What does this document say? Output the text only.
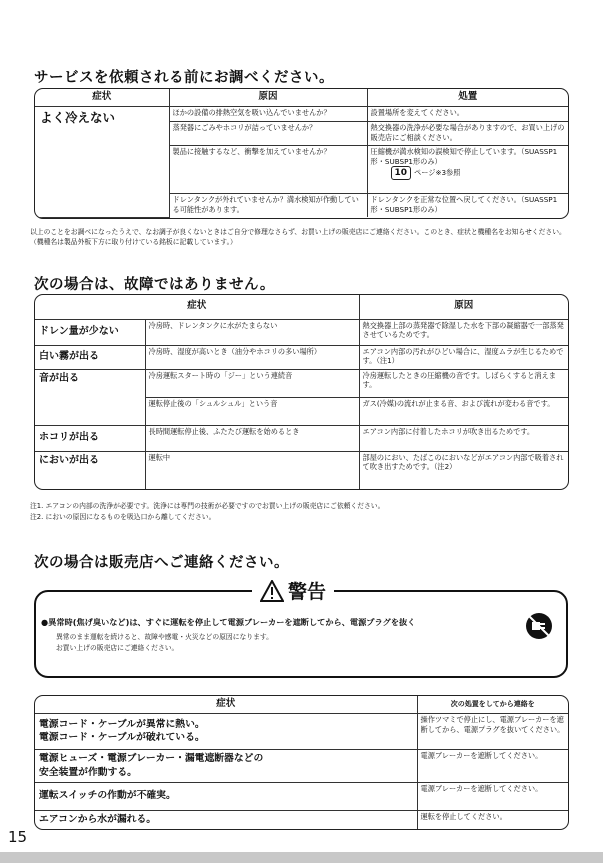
サービスを依頼される前にお調べください。
症状	原因	処置
よく冷えない	ほかの設備の排熱空気を吸い込んでいませんか？	設置場所を変えてください。
	蒸発器にごみやホコリが詰っていませんか？	熱交換器の洗浄が必要な場合がありますので、お買い上げの販売店にご相談ください。
	製品に接触するなど、衝撃を加えていませんか？	圧縮機が満水検知の誤検知で停止しています。（SUASSP1形・SUBSP1形のみ）
10 ページ※3参照

	ドレンタンクが外れていませんか？満水検知が作動している可能性があります。	ドレンタンクを正常な位置へ戻してください。（SUASSP1形・SUBSP1形のみ）
以上のことをお調べになったうえで、なお調子が良くないときはご自分で修理なさらず、お買い上げの販売店にご連絡ください。このとき、症状と機種名をお知らせください。（機種名は製品外板下方に取り付けている銘板に記載しています。）
次の場合は、故障ではありません。
症状		原因
ドレン量が少ない	冷房時、ドレンタンクに水がたまらない	熱交換器上部の蒸発器で除湿した水を下部の凝縮器で一部蒸発させているためです。
白い霧が出る	冷房時、湿度が高いとき（油分やホコリの多い場所）	エアコン内部の汚れがひどい場合に、湿度ムラが生じるためです。（注1）
音が出る	冷房運転スタート時の「ジー」という連続音	冷房運転したときの圧縮機の音です。しばらくすると消えます。
	運転停止後の「シュルシュル」という音	ガス(冷媒)の流れが止まる音、および流れが変わる音です。
ホコリが出る	長時間運転停止後、ふたたび運転を始めるとき	エアコン内部に付着したホコリが吹き出るためです。
においが出る	運転中	部屋のにおい、たばこのにおいなどがエアコン内部で吸着されて吹き出すためです。（注2）
注1. エアコンの内部の洗浄が必要です。洗浄には専門の技術が必要ですのでお買い上げの販売店にご依頼ください。
注2. においの原因になるものを吸込口から離してください。
次の場合は販売店へご連絡ください。
警告
●異常時(焦げ臭いなど)は、すぐに運転を停止して電源ブレーカーを遮断してから、電源プラグを抜く
異常のまま運転を続けると、故障や感電・火災などの原因になります。
お買い上げの販売店にご連絡ください。
症状	次の処置をしてから連絡を
電源コード・ケーブルが異常に熱い。
電源コード・ケーブルが破れている。	操作ツマミで停止にし、電源ブレーカーを遮断してから、電源プラグを抜いてください。
電源ヒューズ・電源ブレーカー・漏電遮断器などの
安全装置が作動する。	電源ブレーカーを遮断してください。
運転スイッチの作動が不確実。	電源ブレーカーを遮断してください。
エアコンから水が漏れる。	運転を停止してください。
15
